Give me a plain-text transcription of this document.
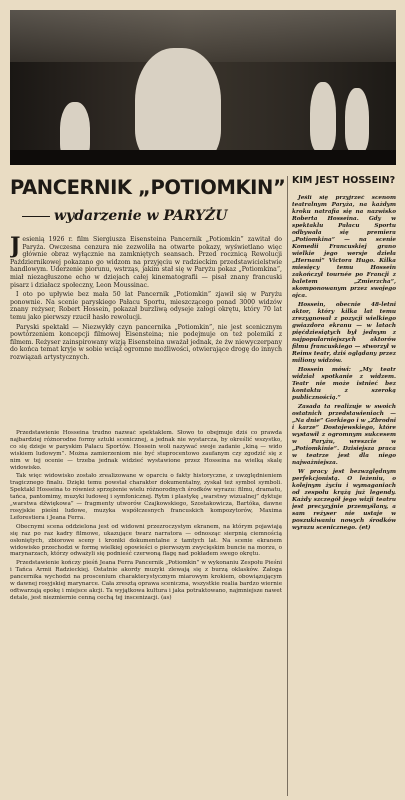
PANCERNIK „POTIOMKIN”
wydarzenie w PARYŻU

Jesienią 1926 r. film Siergiusza Eisensteina Pancernik „Potiomkin” zawitał do Paryża. Owczesna cenzura nie zezwoliła na otwarte pokazy, wyświetlano więc głównie obraz wyłącznie na zamkniętych seansach. Przed rocznicą Rewolucji Październikowej pokazano go widzom na przyjęciu w radzieckim przedstawicielstwie handlowym. Uderzenie piorunu, wstrząs, jakim stał się w Paryżu pokaz „Potiomkina”, miał niezagłuszone echo w dziejach całej kinematografii — pisał znany francuski pisarz i działacz społeczny, Leon Moussinac.

I oto po upływie bez mała 50 lat Pancernik „Potiomkin” zjawił się w Paryżu ponownie. Na scenie paryskiego Pałacu Sportu, mieszczącego ponad 3000 widzów znany reżyser, Robert Hossein, pokazał burzliwą odyseje załogi okrętu, który 70 lat temu jako pierwszy rzucił hasło rewolucji.

Paryski spektakl — Niezwykły czyn pancernika „Potiomkin”, nie jest scenicznym powtórzeniem koncepcji filmowej Eisensteina; nie podejmuje on też polemiki z filmem. Reżyser zainspirowany wizją Eisensteina uważał jednak, że żw niewyczerpany do końca temat kryje w sobie wciąż ogromne możliwości, otwierające drogę do innych rozwiązań artystycznych.

Przedstawienie Hosseina trudno nazwać spektaklem. Słowo to obejmuje dziś co prawda najbardziej różnorodne formy sztuki scenicznej, a jednak nie wystarcza, by określić wszystko, co się dzieje w paryskim Pałacu Sportów. Hossein woli nazywać swoje zadanie „kiną — wido wiskiem ludowym”. Można zamierzeniom nie być stuprocentowo zaufanym czy zgodzić się z nim w tej ocenie — trzeba jednak widzieć wystawione przez Hosseina na wielką skalę widowisko.

Tak więc widowisko zostało zrealizowane w oparciu o fakty historyczne, z uwzględnieniem tragicznego finalu. Dzięki temu powstał charakter dokumentalny, zyskał też symbol symboli. Spektakl Hosseina to również sprzężenie wielu różnorodnych środków wyrazu: filmu, dramatu, tańca, pantomimy, muzyki ludowej i symfonicznej. Rytm i plastykę „warstwy wizualnej” dyktuje „warstwa dźwiękowa” — fragmenty utworów Czajkowskiego, Szostakowicza, Bartóka, dawne rosyjskie pieśni ludowe, muzyka współczesnych francuskich kompozytorów, Maxima Leforestiera i Jeana Ferra.

Obecnymi scena oddzielona jest od widowni przezroczystym ekranem, na którym pojawiają się raz po raz kadry filmowe, ukazujące twarz narratora — odnosząc sierpnią ciemnością osłoniętych, zbiorowe sceny i kroniki dokumentalne z tamtych lat. Na scenie ekranem widowisko przechodzi w formę wielkiej opowieści o pierwszym zwycięskim buncie na morzu, o marynarzach, którzy odważyli się podnieść czerwoną flagę nad pokładem swego okrętu.

Przedstawienie kończy pieśń Jeana Ferra Pancernik „Potiomkin” w wykonaniu Zespołu Pieśni i Tańca Armii Radzieckiej. Ostatnie akordy muzyki zlewają się z burzą oklasków. Załoga pancernika wychodzi na proscenium charakterystycznym miarowym krokiem, obowiązującym w dawnej rosyjskiej marynarce. Cała zresztą oprawa sceniczna, wszystkie realia bardzo wiernie odtwarzają epokę i miejsce akcji. Ta wyjątkowa kultura i jaka potraktowano, najmniejsze nawet detale, jest niezmiernie cenną cechą tej inscenizacji. (as)

KIM JEST HOSSEIN?

Jeśli się przyjrzeć scenom teatralnym Paryża, na każdym kroku natrafia się na nazwisko Roberta Hosseina. Gdy w spektaklu Pałacu Sportu odbywała się premiera „Potiomkina” — na scenie Komedii Francuskiej grano wielkie jego wersje dzieła „Hernani” Victora Hugo. Kilka miesięcy temu Hossein zakończył tournée po Francji z baletem „Zmierzcha”, skomponowanym przez swojego ojca.

Hossein, obecnie 48-letni aktor, który kilka lat temu zrezygnował z pozycji wielkiego gwiazdora ekranu — w latach pięćdziesiątych był jednym z najpopularniejszych aktorów filmu francuskiego — stworzył w Reims teatr, dziś oglądany przez miliony widzów.

Hossein mówi: „My teatr widział spotkanie z widzem. Teatr nie może istnieć bez kontaktu z szeroką publicznością.”

Zasada ta realizuje w swoich ostatnich przedstawieniach — „Na dnie” Gorkiego i w „Zbrodni i karze” Dostojewskiego, które wystawił z ogromnym sukcesem w Paryżu, wreszcie w „Potiomkinie”. Dzisiejsza praca w teatrze jest dla niego najważniejsza.

W pracy jest bezwzględnym perfekcjonistą. O leżeniu, o kolejnym życiu i wymaganiach od zespołu krążą już legendy. Każdy szczegół jego wizji teatru jest precyzyjnie przemyślany, a sam reżyser nie ustaje w poszukiwaniu nowych środków wyrazu scenicznego. (et)
